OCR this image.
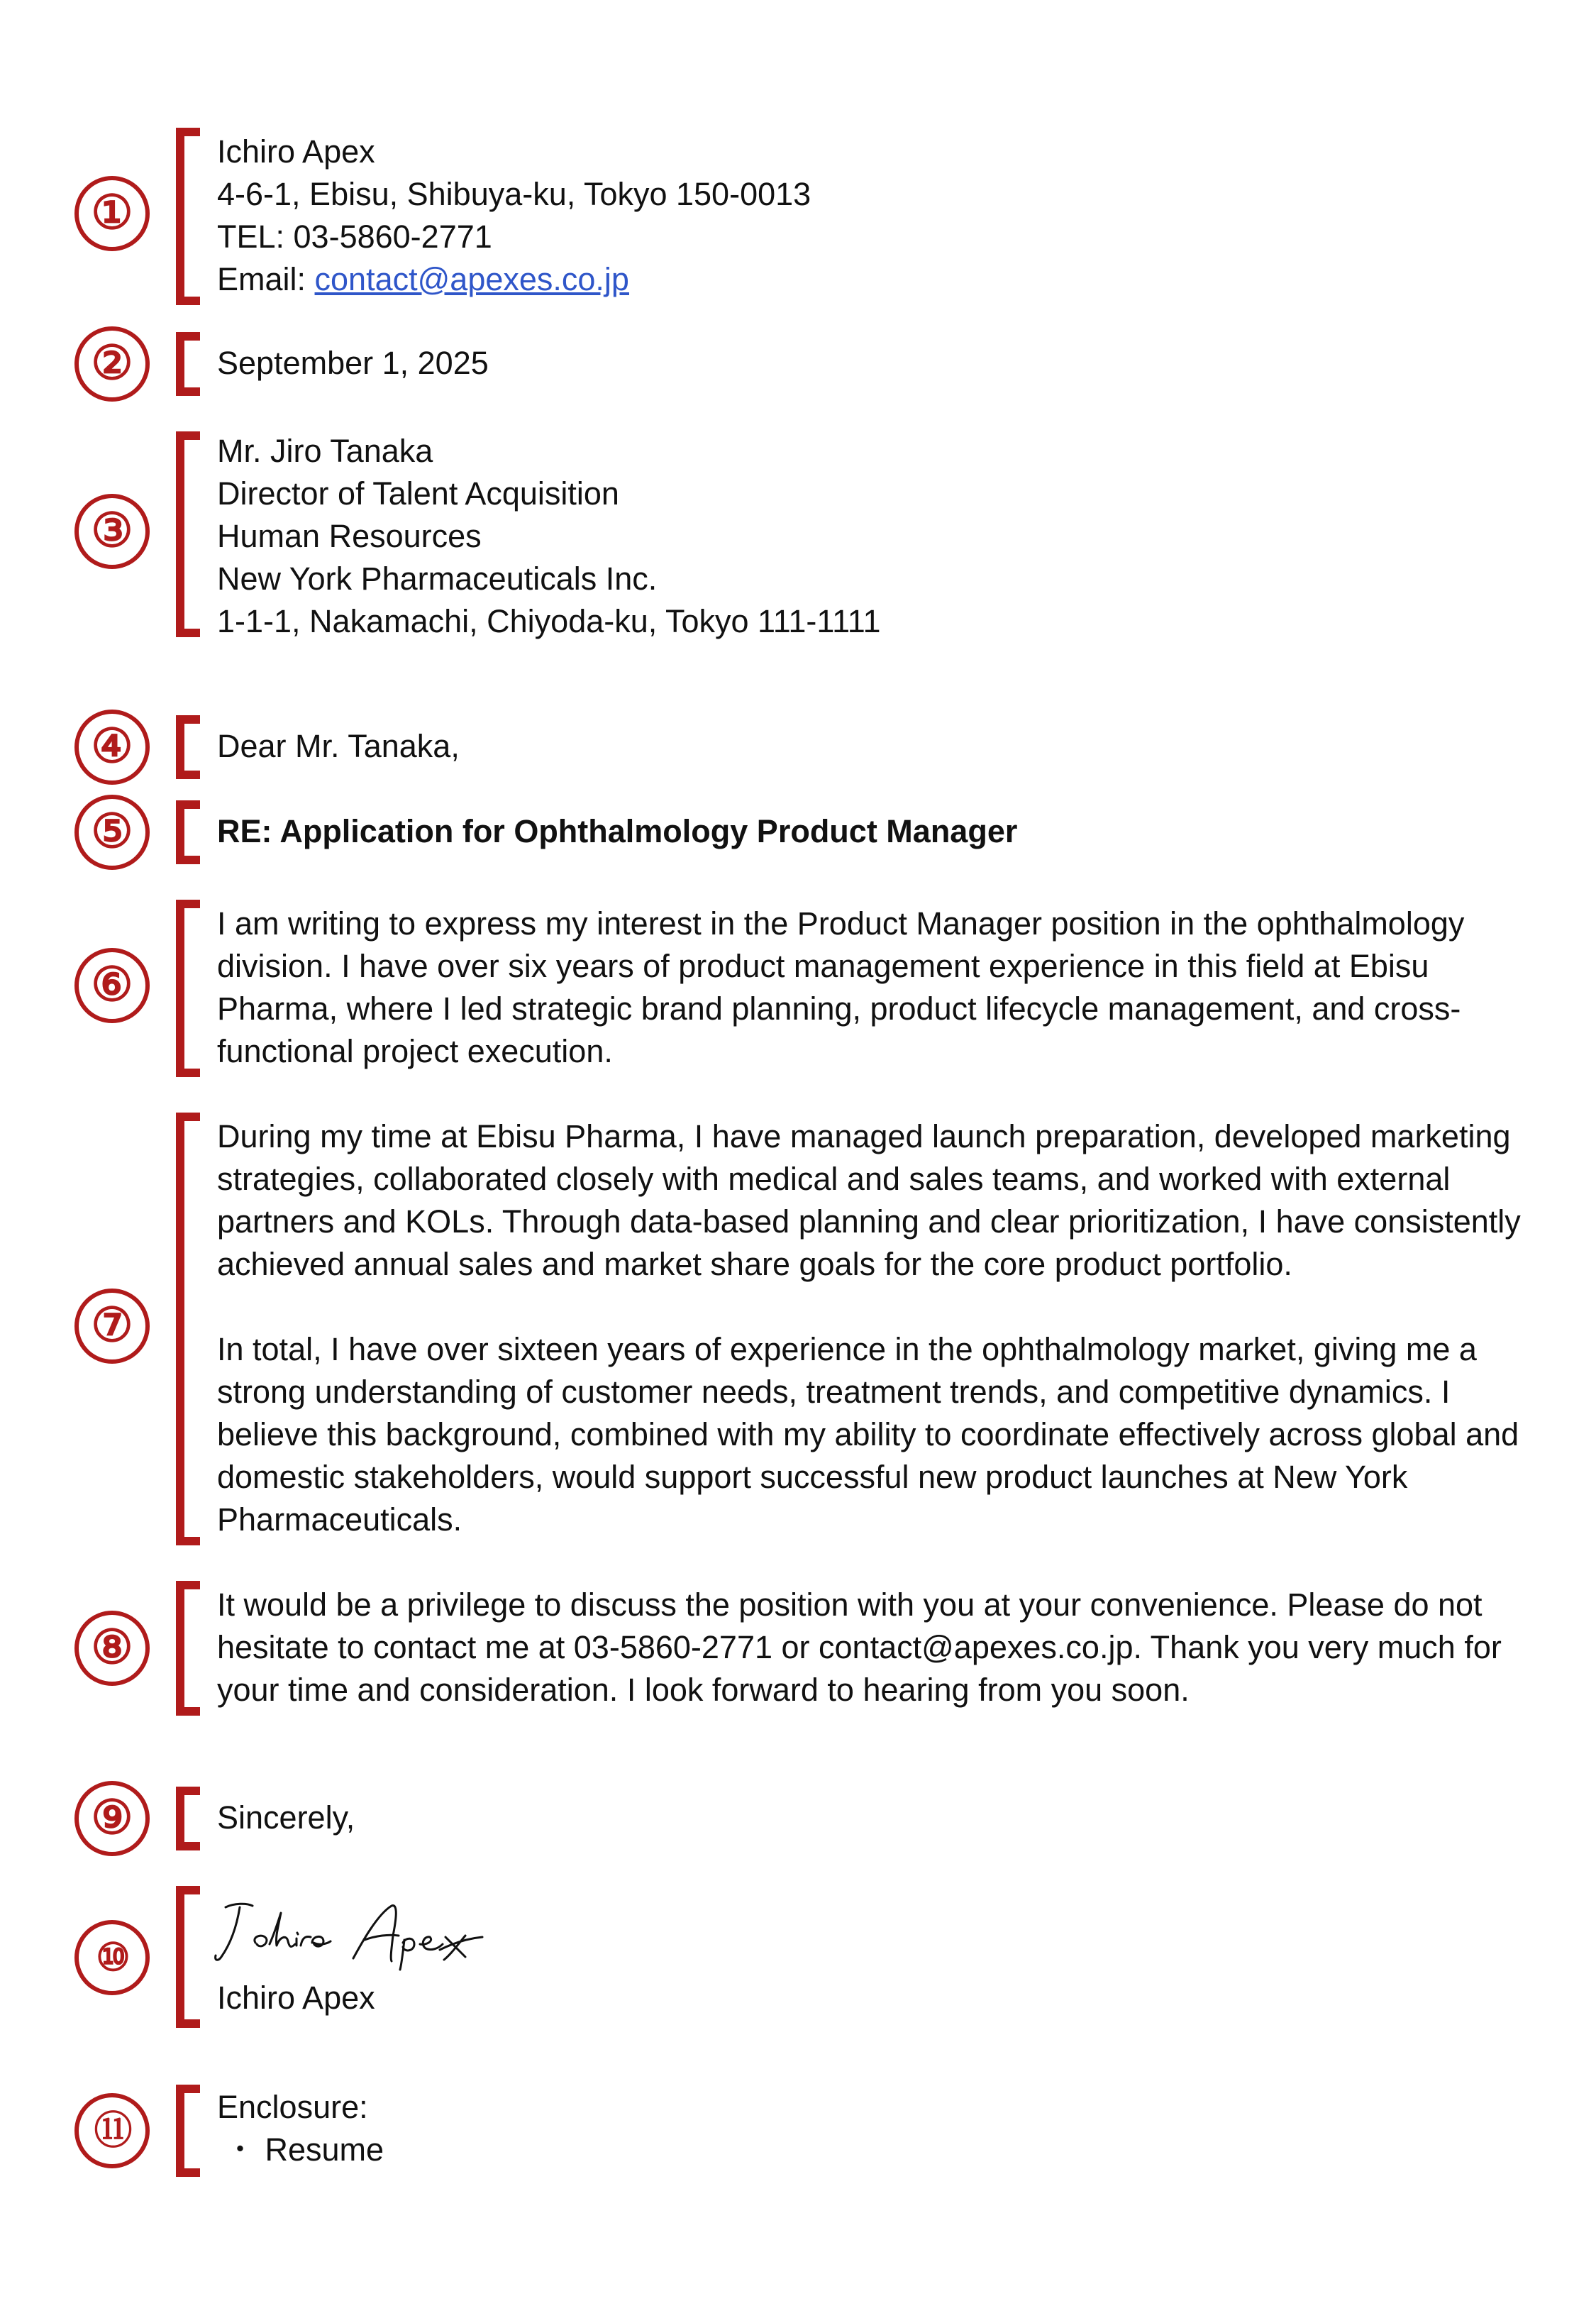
①
Ichiro Apex
4-6-1, Ebisu, Shibuya-ku, Tokyo 150-0013
TEL: 03-5860-2771
Email: contact@apexes.co.jp
②	September 1, 2025
③
Mr. Jiro Tanaka
Director of Talent Acquisition
Human Resources
New York Pharmaceuticals Inc.
1-1-1, Nakamachi, Chiyoda-ku, Tokyo 111-1111
④	Dear Mr. Tanaka,
⑤	RE: Application for Ophthalmology Product Manager
⑥
I am writing to express my interest in the Product Manager position in the ophthalmology
division. I have over six years of product management experience in this field at Ebisu
Pharma, where I led strategic brand planning, product lifecycle management, and cross-
functional project execution.
⑦
During my time at Ebisu Pharma, I have managed launch preparation, developed marketing
strategies, collaborated closely with medical and sales teams, and worked with external
partners and KOLs. Through data-based planning and clear prioritization, I have consistently
achieved annual sales and market share goals for the core product portfolio.
In total, I have over sixteen years of experience in the ophthalmology market, giving me a
strong understanding of customer needs, treatment trends, and competitive dynamics. I
believe this background, combined with my ability to coordinate effectively across global and
domestic stakeholders, would support successful new product launches at New York
Pharmaceuticals.
⑧
It would be a privilege to discuss the position with you at your convenience. Please do not
hesitate to contact me at 03-5860-2771 or contact@apexes.co.jp. Thank you very much for
your time and consideration. I look forward to hearing from you soon.
⑨	Sincerely,
⑩
Ichiro Apex
⑪
Enclosure:
・ Resume
